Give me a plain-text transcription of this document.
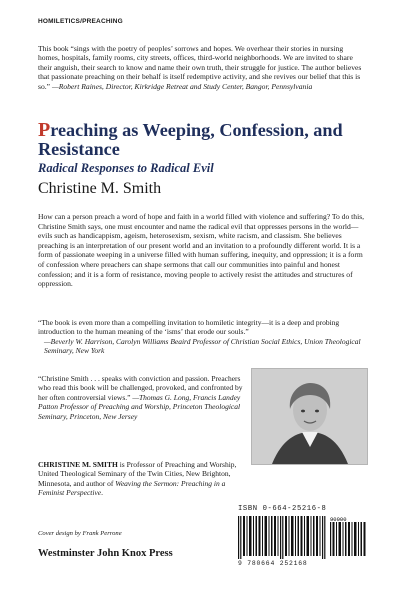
HOMILETICS/PREACHING
This book “sings with the poetry of peoples’ sorrows and hopes. We overhear their stories in nursing homes, hospitals, family rooms, city streets, offices, third-world neighborhoods. We are invited to share their anguish, their search to know and name their own truth, their struggle for justice. The author believes that passionate preaching on their behalf is itself redemptive activity, and she revives our belief that this is so.” —Robert Raines, Director, Kirkridge Retreat and Study Center, Bangor, Pennsylvania
Preaching as Weeping, Confession, and Resistance
Radical Responses to Radical Evil
Christine M. Smith
How can a person preach a word of hope and faith in a world filled with violence and suffering? To do this, Christine Smith says, one must encounter and name the radical evil that oppresses persons in the world—evils such as handicappism, ageism, heterosexism, sexism, white racism, and classism. She believes preaching is an interpretation of our present world and an invitation to a profoundly different world. It is a form of passionate weeping in a universe filled with human suffering, inequity, and oppression; it is a form of confession where preachers can shape sermons that call our communities into painful and honest confession; and it is a form of resistance, moving people to actively resist the attitudes and structures of oppression.
“The book is even more than a compelling invitation to homiletic integrity—it is a deep and probing introduction to the human meaning of the ‘isms’ that erode our souls.”
—Beverly W. Harrison, Carolyn Williams Beaird Professor of Christian Social Ethics, Union Theological Seminary, New York
“Christine Smith . . . speaks with conviction and passion. Preachers who read this book will be challenged, provoked, and confronted by her often controversial views.” —Thomas G. Long, Francis Landey Patton Professor of Preaching and Worship, Princeton Theological Seminary, Princeton, New Jersey
CHRISTINE M. SMITH is Professor of Preaching and Worship, United Theological Seminary of the Twin Cities, New Brighton, Minnesota, and author of Weaving the Sermon: Preaching in a Feminist Perspective.
Cover design by Frank Perrone
Westminster John Knox Press
ISBN 0-664-25216-8
90000
9 780664 252168
